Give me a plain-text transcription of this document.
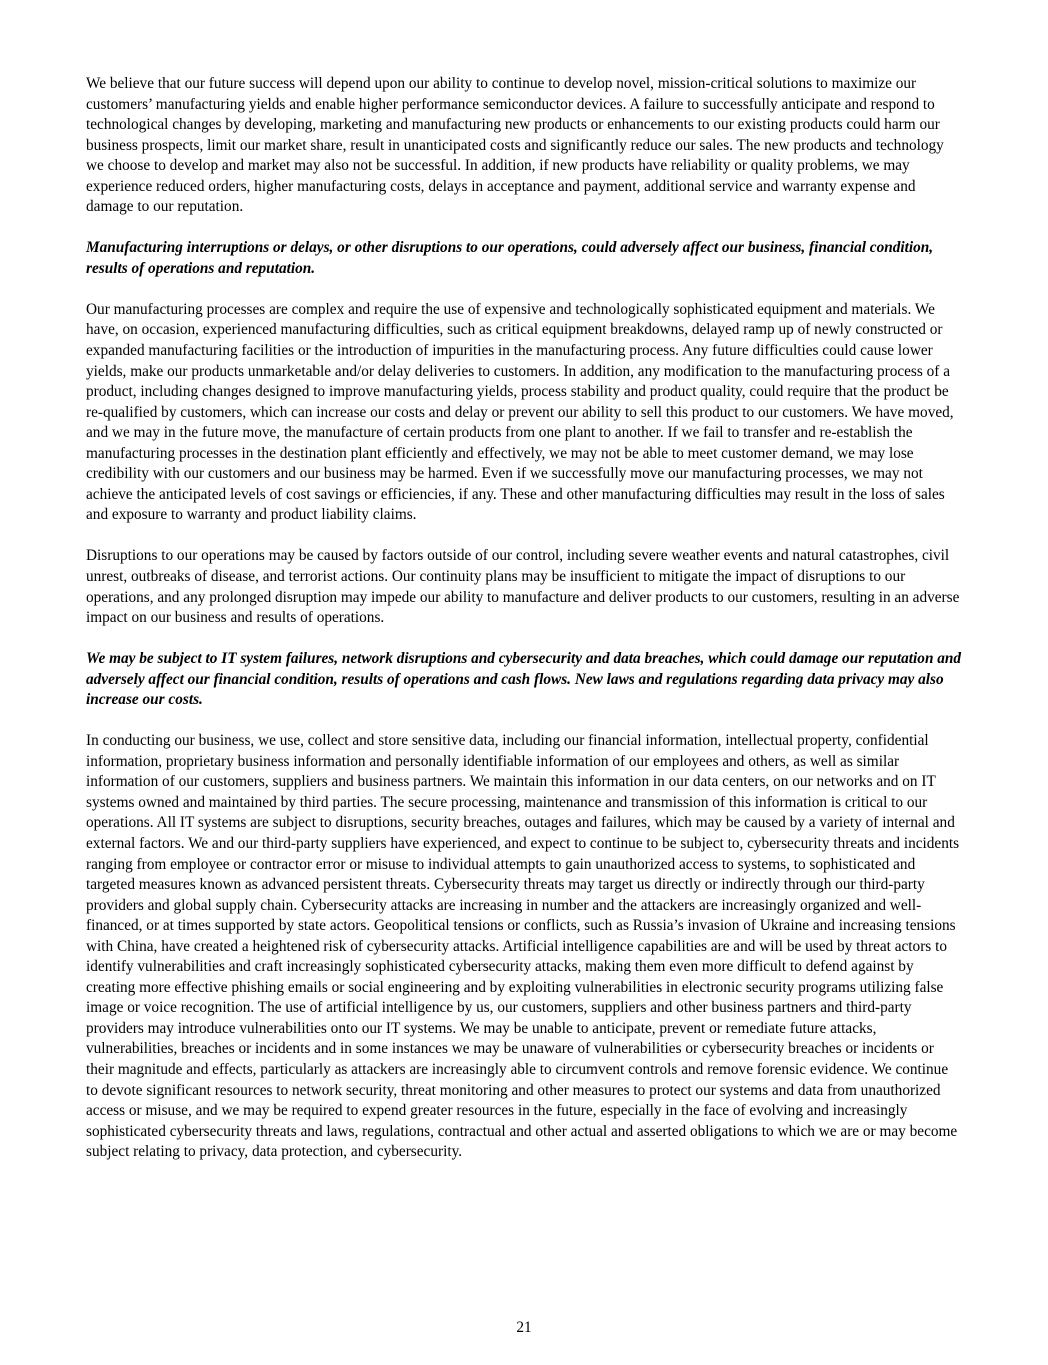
We believe that our future success will depend upon our ability to continue to develop novel, mission-critical solutions to maximize our customers’ manufacturing yields and enable higher performance semiconductor devices. A failure to successfully anticipate and respond to technological changes by developing, marketing and manufacturing new products or enhancements to our existing products could harm our business prospects, limit our market share, result in unanticipated costs and significantly reduce our sales. The new products and technology we choose to develop and market may also not be successful. In addition, if new products have reliability or quality problems, we may experience reduced orders, higher manufacturing costs, delays in acceptance and payment, additional service and warranty expense and damage to our reputation.

Manufacturing interruptions or delays, or other disruptions to our operations, could adversely affect our business, financial condition, results of operations and reputation.

Our manufacturing processes are complex and require the use of expensive and technologically sophisticated equipment and materials. We have, on occasion, experienced manufacturing difficulties, such as critical equipment breakdowns, delayed ramp up of newly constructed or expanded manufacturing facilities or the introduction of impurities in the manufacturing process. Any future difficulties could cause lower yields, make our products unmarketable and/or delay deliveries to customers. In addition, any modification to the manufacturing process of a product, including changes designed to improve manufacturing yields, process stability and product quality, could require that the product be re-qualified by customers, which can increase our costs and delay or prevent our ability to sell this product to our customers. We have moved, and we may in the future move, the manufacture of certain products from one plant to another. If we fail to transfer and re-establish the manufacturing processes in the destination plant efficiently and effectively, we may not be able to meet customer demand, we may lose credibility with our customers and our business may be harmed. Even if we successfully move our manufacturing processes, we may not achieve the anticipated levels of cost savings or efficiencies, if any. These and other manufacturing difficulties may result in the loss of sales and exposure to warranty and product liability claims.

Disruptions to our operations may be caused by factors outside of our control, including severe weather events and natural catastrophes, civil unrest, outbreaks of disease, and terrorist actions. Our continuity plans may be insufficient to mitigate the impact of disruptions to our operations, and any prolonged disruption may impede our ability to manufacture and deliver products to our customers, resulting in an adverse impact on our business and results of operations.

We may be subject to IT system failures, network disruptions and cybersecurity and data breaches, which could damage our reputation and adversely affect our financial condition, results of operations and cash flows. New laws and regulations regarding data privacy may also increase our costs.

In conducting our business, we use, collect and store sensitive data, including our financial information, intellectual property, confidential information, proprietary business information and personally identifiable information of our employees and others, as well as similar information of our customers, suppliers and business partners. We maintain this information in our data centers, on our networks and on IT systems owned and maintained by third parties. The secure processing, maintenance and transmission of this information is critical to our operations. All IT systems are subject to disruptions, security breaches, outages and failures, which may be caused by a variety of internal and external factors. We and our third-party suppliers have experienced, and expect to continue to be subject to, cybersecurity threats and incidents ranging from employee or contractor error or misuse to individual attempts to gain unauthorized access to systems, to sophisticated and targeted measures known as advanced persistent threats. Cybersecurity threats may target us directly or indirectly through our third-party providers and global supply chain. Cybersecurity attacks are increasing in number and the attackers are increasingly organized and well-financed, or at times supported by state actors. Geopolitical tensions or conflicts, such as Russia’s invasion of Ukraine and increasing tensions with China, have created a heightened risk of cybersecurity attacks. Artificial intelligence capabilities are and will be used by threat actors to identify vulnerabilities and craft increasingly sophisticated cybersecurity attacks, making them even more difficult to defend against by creating more effective phishing emails or social engineering and by exploiting vulnerabilities in electronic security programs utilizing false image or voice recognition. The use of artificial intelligence by us, our customers, suppliers and other business partners and third-party providers may introduce vulnerabilities onto our IT systems. We may be unable to anticipate, prevent or remediate future attacks, vulnerabilities, breaches or incidents and in some instances we may be unaware of vulnerabilities or cybersecurity breaches or incidents or their magnitude and effects, particularly as attackers are increasingly able to circumvent controls and remove forensic evidence. We continue to devote significant resources to network security, threat monitoring and other measures to protect our systems and data from unauthorized access or misuse, and we may be required to expend greater resources in the future, especially in the face of evolving and increasingly sophisticated cybersecurity threats and laws, regulations, contractual and other actual and asserted obligations to which we are or may become subject relating to privacy, data protection, and cybersecurity.

21
